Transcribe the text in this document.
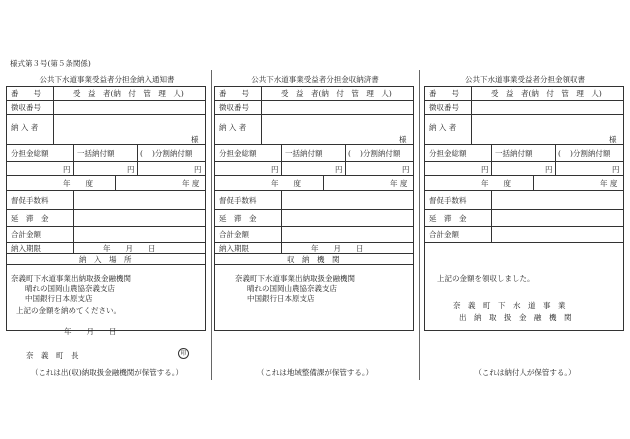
様式第３号(第５条関係)
公共下水道事業受益者分担金納入通知書
番　　号	受　益　者(納　付　管　理　人)
徴収番号
納 入 者
様
分担金総額	一括納付額	( )分割納付額
円	円	円
年　　度	年 度
督促手数料
延　滞　金
合計金額
納入期限	年　　月　　日
納　入　場　所
奈義町下水道事業出納取扱金融機関
晴れの国岡山農協奈義支店
中国銀行日本原支店
上記の金額を納めてください。
年　　月　　日
奈　義　町　長	印
（これは出(収)納取扱金融機関が保管する。）
公共下水道事業受益者分担金収納済書
番　　号	受　益　者(納　付　管　理　人)
徴収番号
納 入 者
様
分担金総額	一括納付額	( )分割納付額
円	円	円
年　　度	年 度
督促手数料
延　滞　金
合計金額
納入期限	年　　月　　日
収　納　機　関
奈義町下水道事業出納取扱金融機関
晴れの国岡山農協奈義支店
中国銀行日本原支店
（これは地域整備課が保管する。）
公共下水道事業受益者分担金領収書
番　　号	受　益　者(納　付　管　理　人)
徴収番号
納 入 者
様
分担金総額	一括納付額	( )分割納付額
円	円	円
年　　度	年 度
督促手数料
延　滞　金
合計金額
上記の金額を領収しました。
奈　義　町　下　水　道　事　業
出　納　取　扱　金　融　機　関
（これは納付人が保管する。）
